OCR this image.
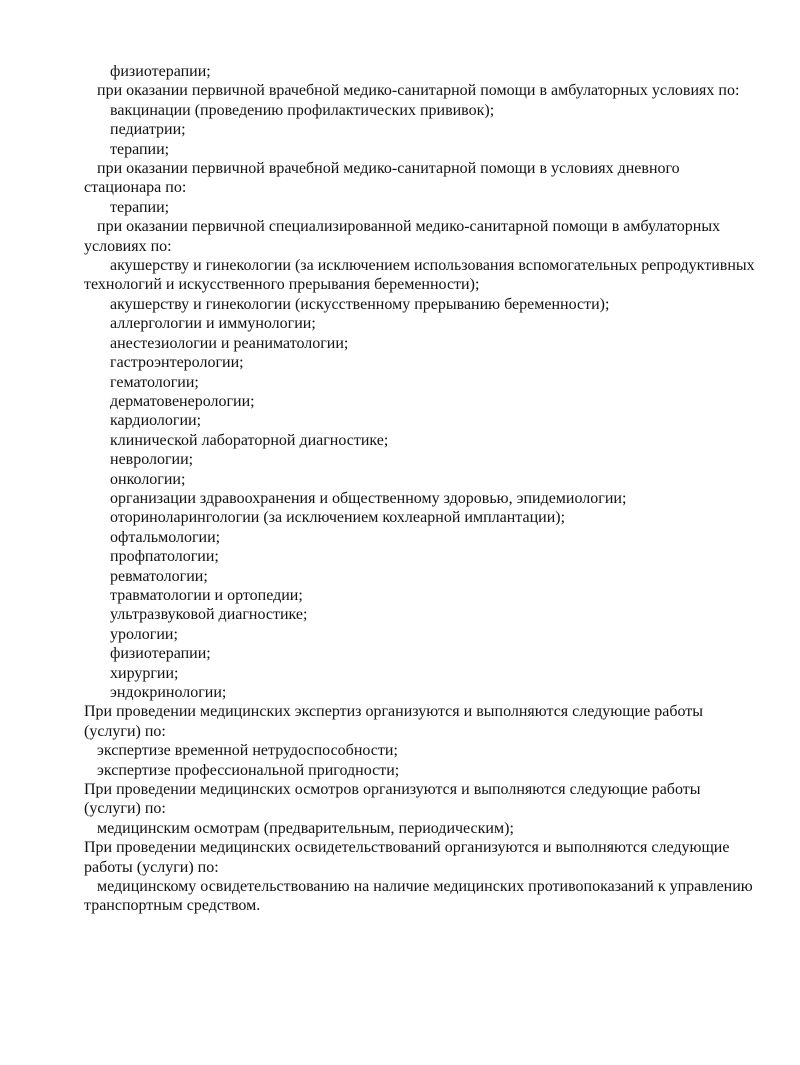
физиотерапии;
при оказании первичной врачебной медико-санитарной помощи в амбулаторных условиях по:
вакцинации (проведению профилактических прививок);
педиатрии;
терапии;
при оказании первичной врачебной медико-санитарной помощи в условиях дневного
стационара по:
терапии;
при оказании первичной специализированной медико-санитарной помощи в амбулаторных
условиях по:
акушерству и гинекологии (за исключением использования вспомогательных репродуктивных
технологий и искусственного прерывания беременности);
акушерству и гинекологии (искусственному прерыванию беременности);
аллергологии и иммунологии;
анестезиологии и реаниматологии;
гастроэнтерологии;
гематологии;
дерматовенерологии;
кардиологии;
клинической лабораторной диагностике;
неврологии;
онкологии;
организации здравоохранения и общественному здоровью, эпидемиологии;
оториноларингологии (за исключением кохлеарной имплантации);
офтальмологии;
профпатологии;
ревматологии;
травматологии и ортопедии;
ультразвуковой диагностике;
урологии;
физиотерапии;
хирургии;
эндокринологии;
При проведении медицинских экспертиз организуются и выполняются следующие работы
(услуги) по:
экспертизе временной нетрудоспособности;
экспертизе профессиональной пригодности;
При проведении медицинских осмотров организуются и выполняются следующие работы
(услуги) по:
медицинским осмотрам (предварительным, периодическим);
При проведении медицинских освидетельствований организуются и выполняются следующие
работы (услуги) по:
медицинскому освидетельствованию на наличие медицинских противопоказаний к управлению
транспортным средством.
